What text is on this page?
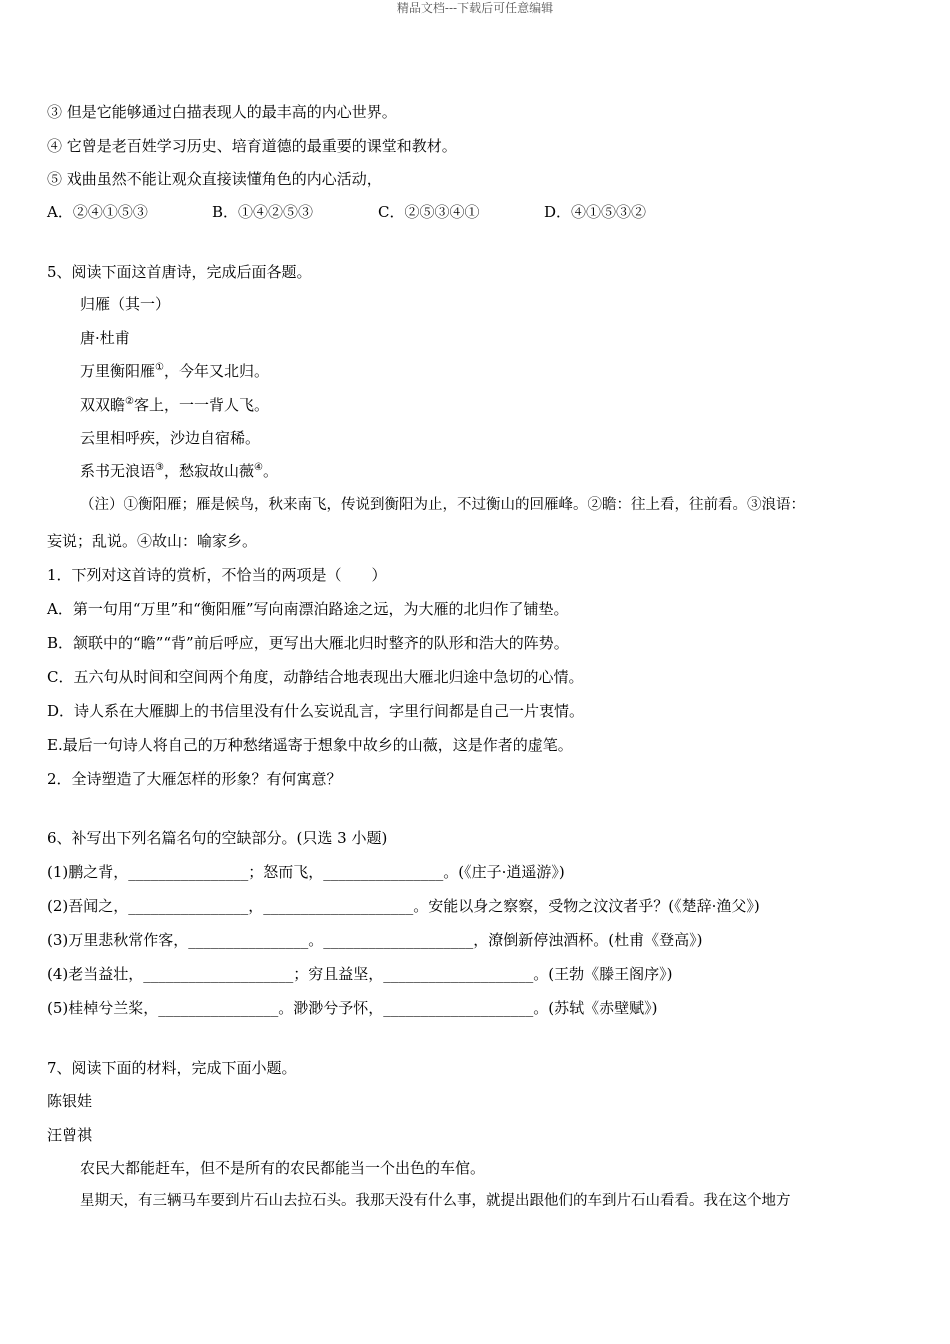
精品文档---下载后可任意编辑
③ 但是它能够通过白描表现人的最丰高的内心世界。
④ 它曾是老百姓学习历史、培育道德的最重要的课堂和教材。
⑤ 戏曲虽然不能让观众直接读懂角色的内心活动，
A．②④①⑤③	B．①④②⑤③	C．②⑤③④①	D．④①⑤③②
5、阅读下面这首唐诗，完成后面各题。
归雁（其一）
唐·杜甫
万里衡阳雁①，今年又北归。
双双瞻②客上，一一背人飞。
云里相呼疾，沙边自宿稀。
系书无浪语③，愁寂故山薇④。
（注）①衡阳雁；雁是候鸟，秋来南飞，传说到衡阳为止，不过衡山的回雁峰。②瞻：往上看，往前看。③浪语：
妄说；乱说。④故山：喻家乡。
1．下列对这首诗的赏析，不恰当的两项是（　　）
A．第一句用“万里”和“衡阳雁”写向南漂泊路途之远，为大雁的北归作了铺垫。
B．颔联中的“瞻”“背”前后呼应，更写出大雁北归时整齐的队形和浩大的阵势。
C．五六句从时间和空间两个角度，动静结合地表现出大雁北归途中急切的心情。
D．诗人系在大雁脚上的书信里没有什么妄说乱言，字里行间都是自己一片衷情。
E.最后一句诗人将自己的万种愁绪遥寄于想象中故乡的山薇，这是作者的虚笔。
2．全诗塑造了大雁怎样的形象？有何寓意？
6、补写出下列名篇名句的空缺部分。(只选 3 小题)
(1)鹏之背，________________；怒而飞，________________。(《庄子·逍遥游》)
(2)吾闻之，________________，____________________。安能以身之察察，受物之汶汶者乎？(《楚辞·渔父》)
(3)万里悲秋常作客，________________。____________________，潦倒新停浊酒杯。(杜甫《登高》)
(4)老当益壮，____________________；穷且益坚，____________________。(王勃《滕王阁序》)
(5)桂棹兮兰桨，________________。渺渺兮予怀，____________________。(苏轼《赤壁赋》)
7、阅读下面的材料，完成下面小题。
陈银娃
汪曾祺
农民大都能赶车，但不是所有的农民都能当一个出色的车倌。
星期天，有三辆马车要到片石山去拉石头。我那天没有什么事，就提出跟他们的车到片石山看看。我在这个地方
